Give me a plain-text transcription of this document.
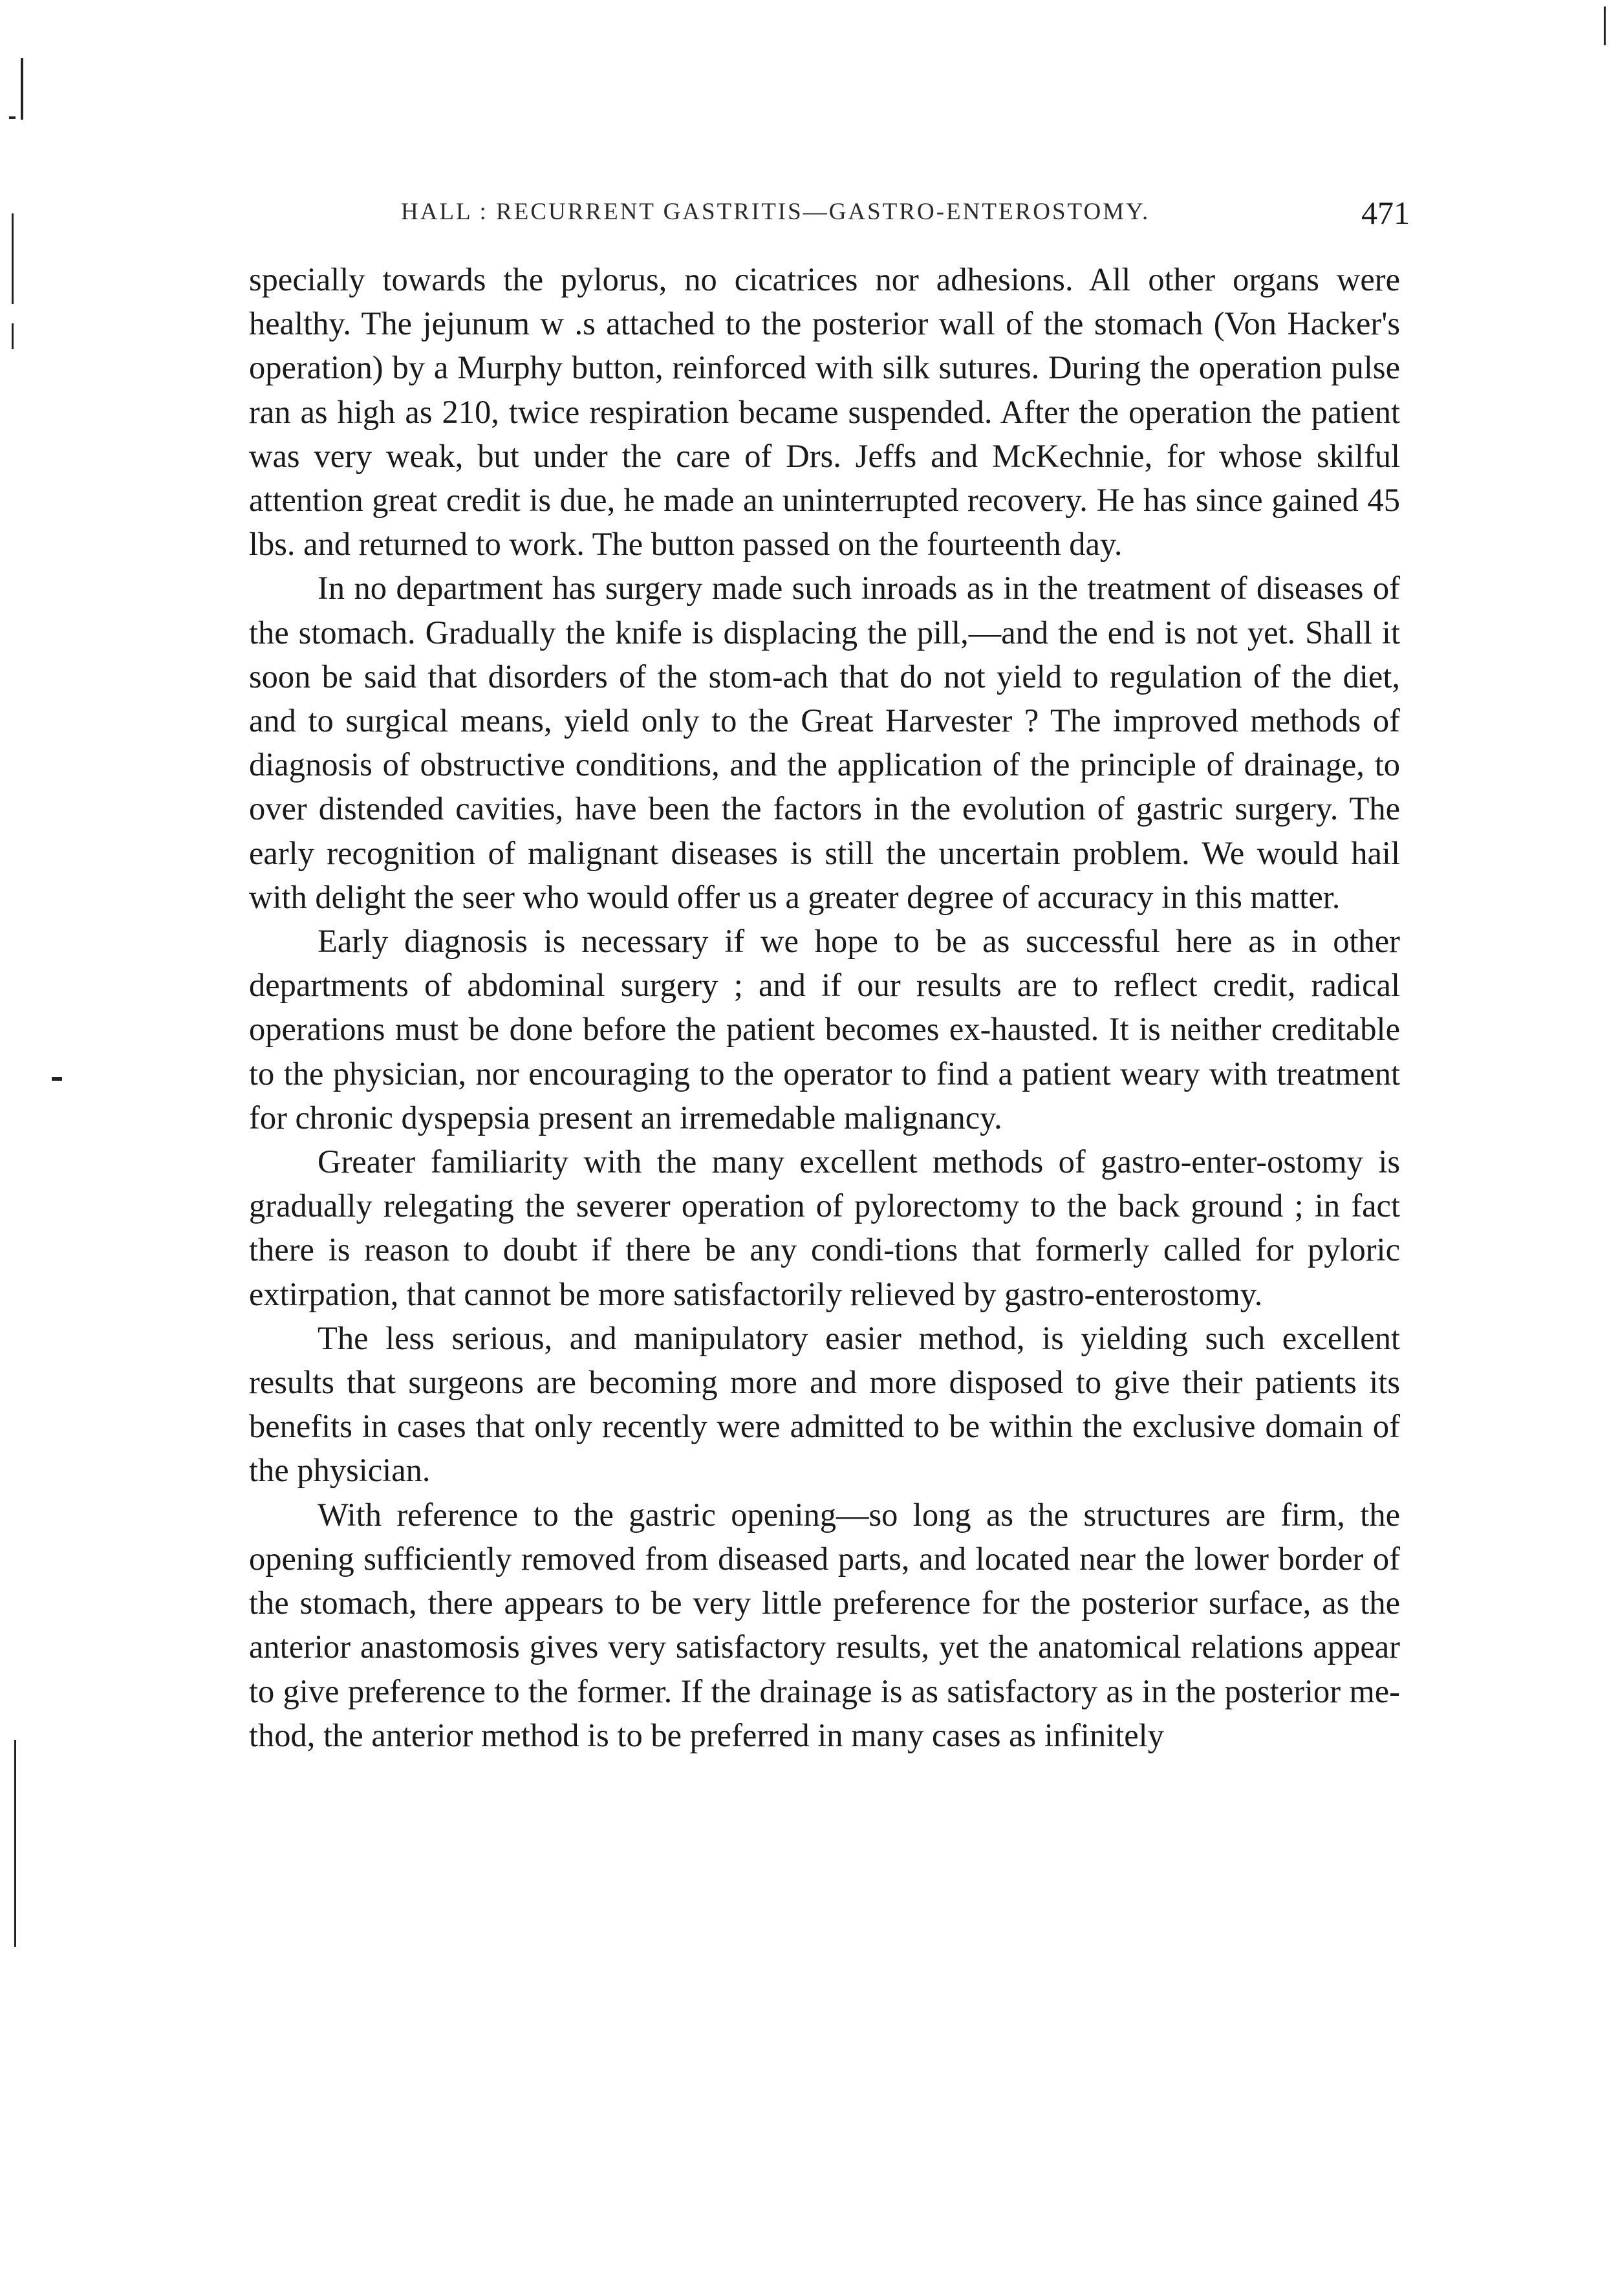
HALL : RECURRENT GASTRITIS—GASTRO-ENTEROSTOMY.	471

specially towards the pylorus, no cicatrices nor adhesions. All other organs were healthy. The jejunum w .s attached to the posterior wall of the stomach (Von Hacker's operation) by a Murphy button, reinforced with silk sutures. During the operation pulse ran as high as 210, twice respiration became suspended. After the operation the patient was very weak, but under the care of Drs. Jeffs and McKechnie, for whose skilful attention great credit is due, he made an uninterrupted recovery. He has since gained 45 lbs. and returned to work. The button passed on the fourteenth day.

In no department has surgery made such inroads as in the treatment of diseases of the stomach. Gradually the knife is displacing the pill,—and the end is not yet. Shall it soon be said that disorders of the stom-ach that do not yield to regulation of the diet, and to surgical means, yield only to the Great Harvester ? The improved methods of diagnosis of obstructive conditions, and the application of the principle of drainage, to over distended cavities, have been the factors in the evolution of gastric surgery. The early recognition of malignant diseases is still the uncertain problem. We would hail with delight the seer who would offer us a greater degree of accuracy in this matter.

Early diagnosis is necessary if we hope to be as successful here as in other departments of abdominal surgery ; and if our results are to reflect credit, radical operations must be done before the patient becomes ex-hausted. It is neither creditable to the physician, nor encouraging to the operator to find a patient weary with treatment for chronic dyspepsia present an irremedable malignancy.

Greater familiarity with the many excellent methods of gastro-enter-ostomy is gradually relegating the severer operation of pylorectomy to the back ground ; in fact there is reason to doubt if there be any condi-tions that formerly called for pyloric extirpation, that cannot be more satisfactorily relieved by gastro-enterostomy.

The less serious, and manipulatory easier method, is yielding such excellent results that surgeons are becoming more and more disposed to give their patients its benefits in cases that only recently were admitted to be within the exclusive domain of the physician.

With reference to the gastric opening—so long as the structures are firm, the opening sufficiently removed from diseased parts, and located near the lower border of the stomach, there appears to be very little preference for the posterior surface, as the anterior anastomosis gives very satisfactory results, yet the anatomical relations appear to give preference to the former. If the drainage is as satisfactory as in the posterior me-thod, the anterior method is to be preferred in many cases as infinitely
